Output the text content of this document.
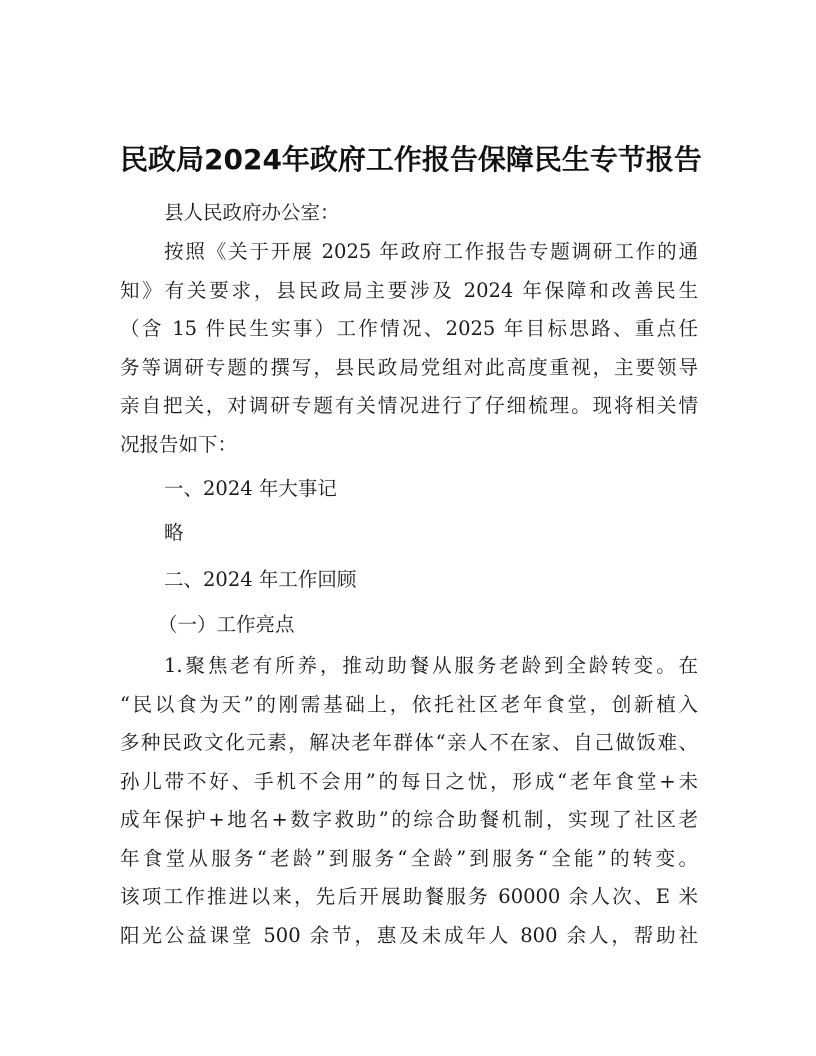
民政局2024年政府工作报告保障民生专节报告
县人民政府办公室：
按照《关于开展 2025 年政府工作报告专题调研工作的通
知》有关要求，县民政局主要涉及 2024 年保障和改善民生
（含 15 件民生实事）工作情况、2025 年目标思路、重点任
务等调研专题的撰写，县民政局党组对此高度重视，主要领导
亲自把关，对调研专题有关情况进行了仔细梳理。现将相关情
况报告如下：
一、2024 年大事记
略
二、2024 年工作回顾
（一）工作亮点
1.聚焦老有所养，推动助餐从服务老龄到全龄转变。在
“民以食为天”的刚需基础上，依托社区老年食堂，创新植入
多种民政文化元素，解决老年群体“亲人不在家、自己做饭难、
孙儿带不好、手机不会用”的每日之忧，形成“老年食堂+未
成年保护+地名+数字救助”的综合助餐机制，实现了社区老
年食堂从服务“老龄”到服务“全龄”到服务“全能”的转变。
该项工作推进以来，先后开展助餐服务 60000 余人次、E 米
阳光公益课堂 500 余节，惠及未成年人 800 余人，帮助社
